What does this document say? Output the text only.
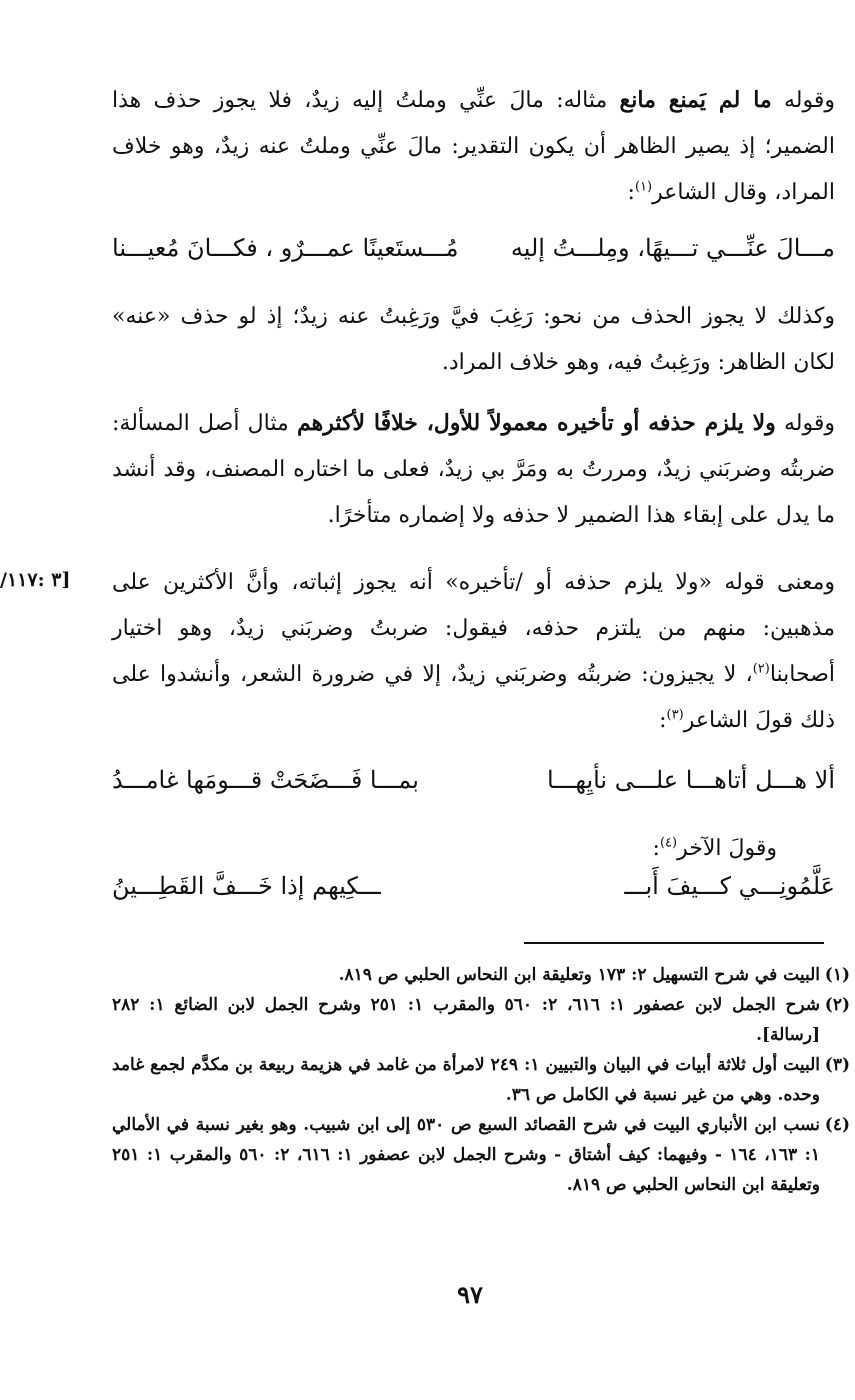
[٣ :١١٧/

وقوله ما لم يَمنع مانع مثاله: مالَ عنِّي وملتُ إليه زيدٌ، فلا يجوز حذف هذا الضمير؛ إذ يصير الظاهر أن يكون التقدير: مالَ عنِّي وملتُ عنه زيدٌ، وهو خلاف المراد، وقال الشاعر$^{(١)}$:

مـــالَ عنِّـــي تـــيهًا، ومِلـــتُ إليه
مُـــستَعينًا عمـــرٌو ، فكـــانَ مُعيـــنا

وكذلك لا يجوز الحذف من نحو: رَغِبَ فيَّ ورَغِبتُ عنه زيدٌ؛ إذ لو حذف «عنه» لكان الظاهر: ورَغِبتُ فيه، وهو خلاف المراد.

وقوله ولا يلزم حذفه أو تأخيره معمولاً للأول، خلافًا لأكثرهم مثال أصل المسألة: ضربتُه وضربَني زيدٌ، ومررتُ به ومَرَّ بي زيدٌ، فعلى ما اختاره المصنف، وقد أنشد ما يدل على إبقاء هذا الضمير لا حذفه ولا إضماره متأخرًا.

ومعنى قوله «ولا يلزم حذفه أو /تأخيره» أنه يجوز إثباته، وأنَّ الأكثرين على مذهبين: منهم من يلتزم حذفه، فيقول: ضربتُ وضربَني زيدٌ، وهو اختيار أصحابنا$^{(٢)}$، لا يجيزون: ضربتُه وضربَني زيدٌ، إلا في ضرورة الشعر، وأنشدوا على ذلك قولَ الشاعر$^{(٣)}$:

ألا هـــل أتاهـــا علـــى نأيِهـــا
بمـــا فَـــضَحَتْ قـــومَها غامـــدُ

وقولَ الآخر$^{(٤)}$:

عَلَّمُونِـــي كـــيفَ أَبـــ
ـــكِيهم إذا خَـــفَّ القَطِـــينُ
(١)
البيت في شرح التسهيل ٢: ١٧٣ وتعليقة ابن النحاس الحلبي ص ٨١٩.
(٢)
شرح الجمل لابن عصفور ١: ٦١٦، ٢: ٥٦٠ والمقرب ١: ٢٥١ وشرح الجمل لابن الضائع ١: ٢٨٢ [رسالة].
(٣)
البيت أول ثلاثة أبيات في البيان والتبيين ١: ٢٤٩ لامرأة من غامد في هزيمة ربيعة بن مكدَّم لجمع غامد وحده. وهي من غير نسبة في الكامل ص ٣٦.
(٤)
نسب ابن الأنباري البيت في شرح القصائد السبع ص ٥٣٠ إلى ابن شبيب. وهو بغير نسبة في الأمالي ١: ١٦٣، ١٦٤ - وفيهما: كيف أشتاق - وشرح الجمل لابن عصفور ١: ٦١٦، ٢: ٥٦٠ والمقرب ١: ٢٥١ وتعليقة ابن النحاس الحلبي ص ٨١٩.
٩٧
